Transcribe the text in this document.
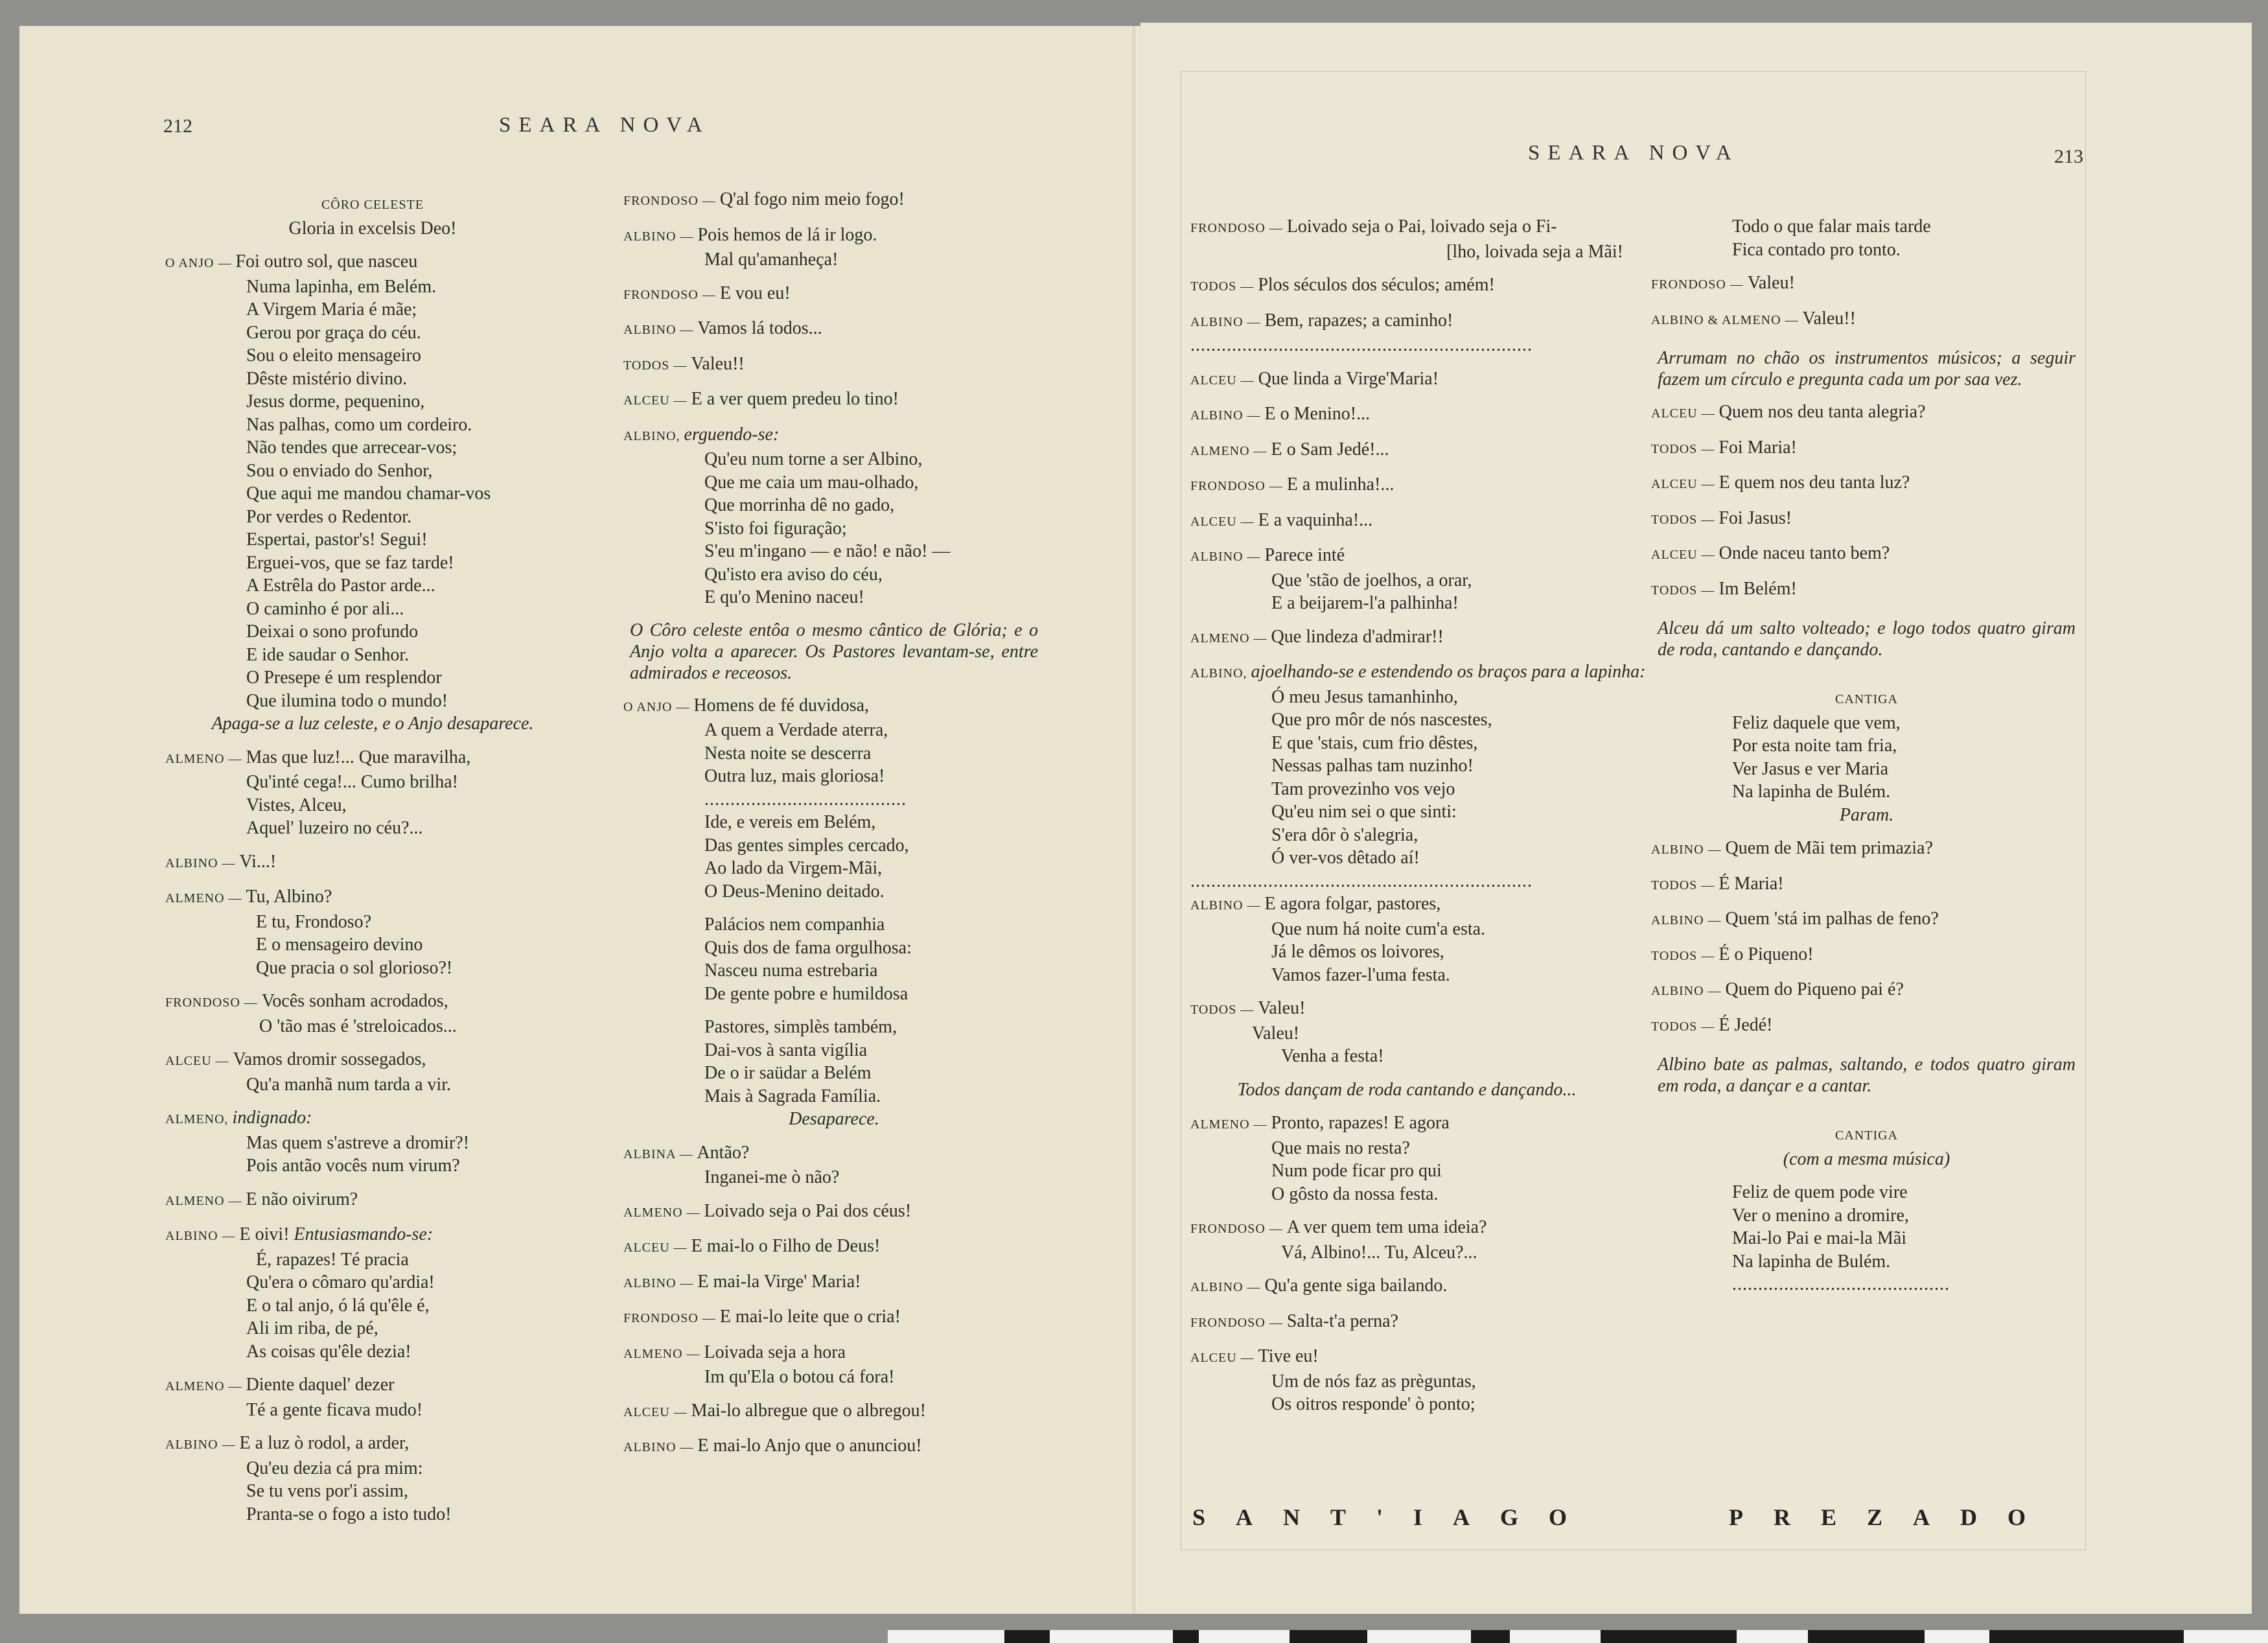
212	SEARA NOVA
SEARA NOVA	213
CÔRO CELESTE
Gloria in excelsis Deo!
O ANJO — Foi outro sol, que nasceu
Numa lapinha, em Belém.
A Virgem Maria é mãe;
Gerou por graça do céu.
Sou o eleito mensageiro
Dêste mistério divino.
Jesus dorme, pequenino,
Nas palhas, como um cordeiro.
Não tendes que arrecear-vos;
Sou o enviado do Senhor,
Que aqui me mandou chamar-vos
Por verdes o Redentor.
Espertai, pastor's! Segui!
Erguei-vos, que se faz tarde!
A Estrêla do Pastor arde...
O caminho é por ali...
Deixai o sono profundo
E ide saudar o Senhor.
O Presepe é um resplendor
Que ilumina todo o mundo!
Apaga-se a luz celeste, e o Anjo desaparece.
ALMENO — Mas que luz!... Que maravilha,
Qu'inté cega!... Cumo brilha!
Vistes, Alceu,
Aquel' luzeiro no céu?...
ALBINO — Vi...!
ALMENO — Tu, Albino?
E tu, Frondoso?
E o mensageiro devino
Que pracia o sol glorioso?!
FRONDOSO — Vocês sonham acrodados,
O 'tão mas é 'streloicados...
ALCEU — Vamos dromir sossegados,
Qu'a manhã num tarda a vir.
ALMENO, indignado:
Mas quem s'astreve a dromir?!
Pois antão vocês num virum?
ALMENO — E não oivirum?
ALBINO — E oivi! Entusiasmando-se:
É, rapazes! Té pracia
Qu'era o cômaro qu'ardia!
E o tal anjo, ó lá qu'êle é,
Ali im riba, de pé,
As coisas qu'êle dezia!
ALMENO — Diente daquel' dezer
Té a gente ficava mudo!
ALBINO — E a luz ò rodol, a arder,
Qu'eu dezia cá pra mim:
Se tu vens por'i assim,
Pranta-se o fogo a isto tudo!
FRONDOSO — Q'al fogo nim meio fogo!
ALBINO — Pois hemos de lá ir logo.
Mal qu'amanheça!
FRONDOSO — E vou eu!
ALBINO — Vamos lá todos...
TODOS — Valeu!!
ALCEU — E a ver quem predeu lo tino!
ALBINO, erguendo-se:
Qu'eu num torne a ser Albino,
Que me caia um mau-olhado,
Que morrinha dê no gado,
S'isto foi figuração;
S'eu m'ingano — e não! e não! —
Qu'isto era aviso do céu,
E qu'o Menino naceu!
O Côro celeste entôa o mesmo cântico de Glória; e o Anjo volta a aparecer. Os Pastores levantam-se, entre admirados e receosos.
O ANJO — Homens de fé duvidosa,
A quem a Verdade aterra,
Nesta noite se descerra
Outra luz, mais gloriosa!
.......................................
Ide, e vereis em Belém,
Das gentes simples cercado,
Ao lado da Virgem-Mãi,
O Deus-Menino deitado.
Palácios nem companhia
Quis dos de fama orgulhosa:
Nasceu numa estrebaria
De gente pobre e humildosa
Pastores, simplès também,
Dai-vos à santa vigília
De o ir saüdar a Belém
Mais à Sagrada Família.
Desaparece.
ALBINA — Antão?
Inganei-me ò não?
ALMENO — Loivado seja o Pai dos céus!
ALCEU — E mai-lo o Filho de Deus!
ALBINO — E mai-la Virge' Maria!
FRONDOSO — E mai-lo leite que o cria!
ALMENO — Loivada seja a hora
Im qu'Ela o botou cá fora!
ALCEU — Mai-lo albregue que o albregou!
ALBINO — E mai-lo Anjo que o anunciou!
FRONDOSO — Loivado seja o Pai, loivado seja o Fi-
[lho, loivada seja a Mãi!
TODOS — Plos séculos dos séculos; amém!
ALBINO — Bem, rapazes; a caminho!
..................................................................
ALCEU — Que linda a Virge'Maria!
ALBINO — E o Menino!...
ALMENO — E o Sam Jedé!...
FRONDOSO — E a mulinha!...
ALCEU — E a vaquinha!...
ALBINO — Parece inté
Que 'stão de joelhos, a orar,
E a beijarem-l'a palhinha!
ALMENO — Que lindeza d'admirar!!
ALBINO, ajoelhando-se e estendendo os braços para a lapinha:
Ó meu Jesus tamanhinho,
Que pro môr de nós nascestes,
E que 'stais, cum frio dêstes,
Nessas palhas tam nuzinho!
Tam provezinho vos vejo
Qu'eu nim sei o que sinti:
S'era dôr ò s'alegria,
Ó ver-vos dêtado aí!
..................................................................
ALBINO — E agora folgar, pastores,
Que num há noite cum'a esta.
Já le dêmos os loivores,
Vamos fazer-l'uma festa.
TODOS — Valeu!
Valeu!
Venha a festa!
Todos dançam de roda cantando e dançando...
ALMENO — Pronto, rapazes! E agora
Que mais no resta?
Num pode ficar pro qui
O gôsto da nossa festa.
FRONDOSO — A ver quem tem uma ideia?
Vá, Albino!... Tu, Alceu?...
ALBINO — Qu'a gente siga bailando.
FRONDOSO — Salta-t'a perna?
ALCEU — Tive eu!
Um de nós faz as prèguntas,
Os oitros responde' ò ponto;
Todo o que falar mais tarde
Fica contado pro tonto.
FRONDOSO — Valeu!
ALBINO & ALMENO — Valeu!!
Arrumam no chão os instrumentos músicos; a seguir fazem um círculo e pregunta cada um por saa vez.
ALCEU — Quem nos deu tanta alegria?
TODOS — Foi Maria!
ALCEU — E quem nos deu tanta luz?
TODOS — Foi Jasus!
ALCEU — Onde naceu tanto bem?
TODOS — Im Belém!
Alceu dá um salto volteado; e logo todos quatro giram de roda, cantando e dançando.
CANTIGA
Feliz daquele que vem,
Por esta noite tam fria,
Ver Jasus e ver Maria
Na lapinha de Bulém.
Param.
ALBINO — Quem de Mãi tem primazia?
TODOS — É Maria!
ALBINO — Quem 'stá im palhas de feno?
TODOS — É o Piqueno!
ALBINO — Quem do Piqueno pai é?
TODOS — É Jedé!
Albino bate as palmas, saltando, e todos quatro giram em roda, a dançar e a cantar.
CANTIGA
(com a mesma música)
Feliz de quem pode vire
Ver o menino a dromire,
Mai-lo Pai e mai-la Mãi
Na lapinha de Bulém.
..........................................
SANT'IAGO	PREZADO
